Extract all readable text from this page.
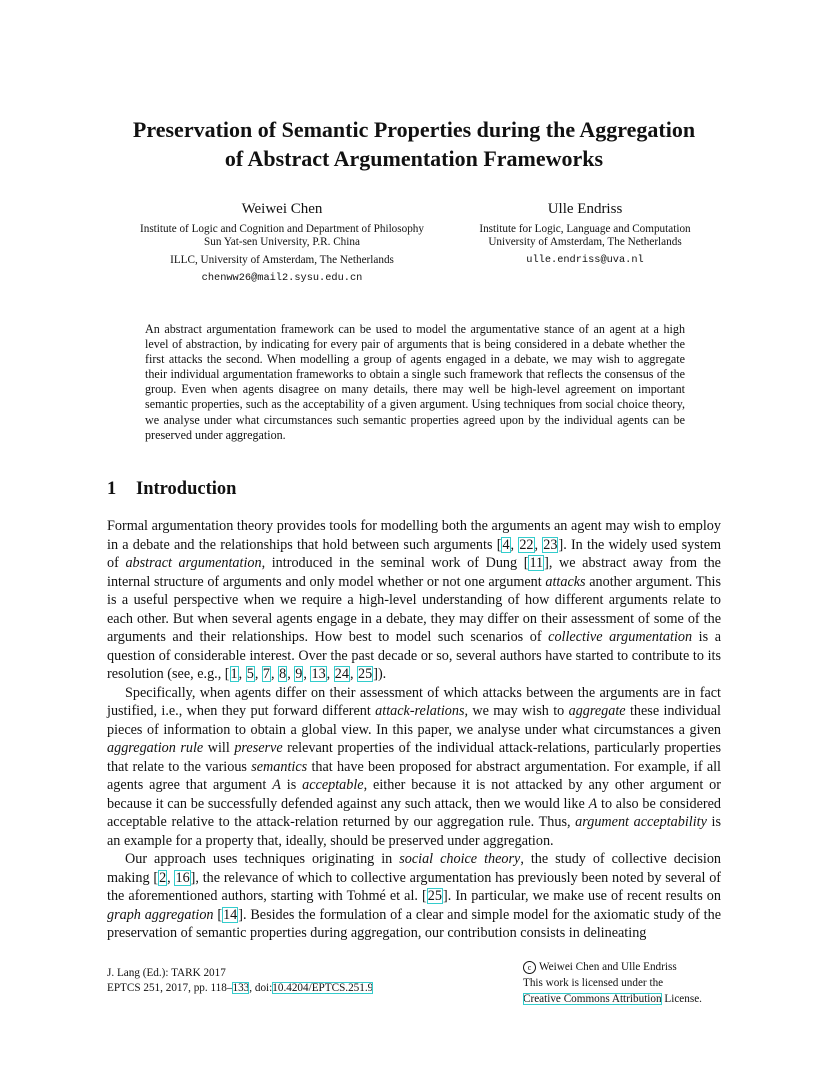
Preservation of Semantic Properties during the Aggregation
of Abstract Argumentation Frameworks
Weiwei Chen
Institute of Logic and Cognition and Department of Philosophy
Sun Yat-sen University, P.R. China
ILLC, University of Amsterdam, The Netherlands
chenww26@mail2.sysu.edu.cn
Ulle Endriss
Institute for Logic, Language and Computation
University of Amsterdam, The Netherlands
ulle.endriss@uva.nl

An abstract argumentation framework can be used to model the argumentative stance of an agent at a high level of abstraction, by indicating for every pair of arguments that is being considered in a debate whether the first attacks the second. When modelling a group of agents engaged in a debate, we may wish to aggregate their individual argumentation frameworks to obtain a single such framework that reflects the consensus of the group. Even when agents disagree on many details, there may well be high-level agreement on important semantic properties, such as the acceptability of a given argument. Using techniques from social choice theory, we analyse under what circumstances such semantic properties agreed upon by the individual agents can be preserved under aggregation.

1 Introduction

Formal argumentation theory provides tools for modelling both the arguments an agent may wish to employ in a debate and the relationships that hold between such arguments [4, 22, 23]. In the widely used system of abstract argumentation, introduced in the seminal work of Dung [11], we abstract away from the internal structure of arguments and only model whether or not one argument attacks another argument. This is a useful perspective when we require a high-level understanding of how different arguments relate to each other. But when several agents engage in a debate, they may differ on their assessment of some of the arguments and their relationships. How best to model such scenarios of collective argumentation is a question of considerable interest. Over the past decade or so, several authors have started to contribute to its resolution (see, e.g., [1, 5, 7, 8, 9, 13, 24, 25]).

Specifically, when agents differ on their assessment of which attacks between the arguments are in fact justified, i.e., when they put forward different attack-relations, we may wish to aggregate these individual pieces of information to obtain a global view. In this paper, we analyse under what circumstances a given aggregation rule will preserve relevant properties of the individual attack-relations, particularly properties that relate to the various semantics that have been proposed for abstract argumentation. For example, if all agents agree that argument A is acceptable, either because it is not attacked by any other argument or because it can be successfully defended against any such attack, then we would like A to also be considered acceptable relative to the attack-relation returned by our aggregation rule. Thus, argument acceptability is an example for a property that, ideally, should be preserved under aggregation.

Our approach uses techniques originating in social choice theory, the study of collective decision making [2, 16], the relevance of which to collective argumentation has previously been noted by several of the aforementioned authors, starting with Tohmé et al. [25]. In particular, we make use of recent results on graph aggregation [14]. Besides the formulation of a clear and simple model for the axiomatic study of the preservation of semantic properties during aggregation, our contribution consists in delineating

J. Lang (Ed.): TARK 2017
EPTCS 251, 2017, pp. 118–133, doi:10.4204/EPTCS.251.9
c Weiwei Chen and Ulle Endriss
This work is licensed under the
Creative Commons Attribution License.
